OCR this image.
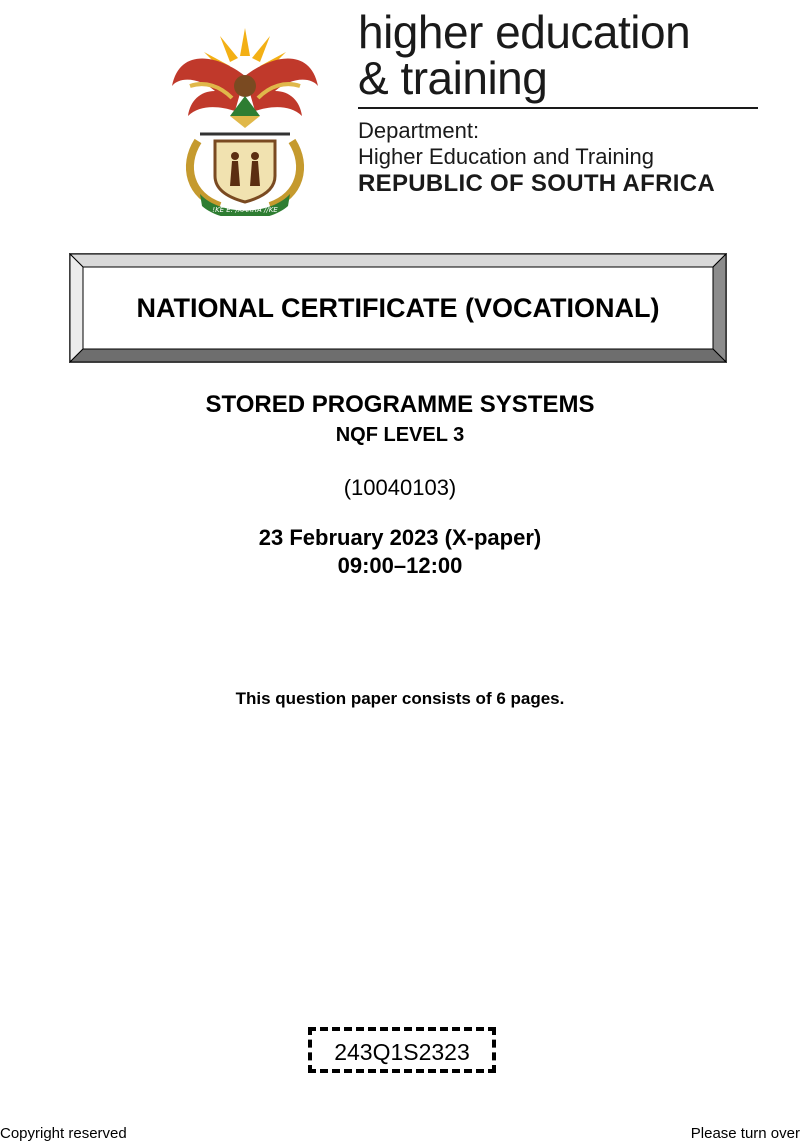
!KE E: /XARRA //KE
higher education
& training
Department:
Higher Education and Training
REPUBLIC OF SOUTH AFRICA
NATIONAL CERTIFICATE (VOCATIONAL)
STORED PROGRAMME SYSTEMS
NQF LEVEL 3
(10040103)
23 February 2023 (X-paper)
09:00–12:00
This question paper consists of 6 pages.
243Q1S2323
Copyright reserved	Please turn over
